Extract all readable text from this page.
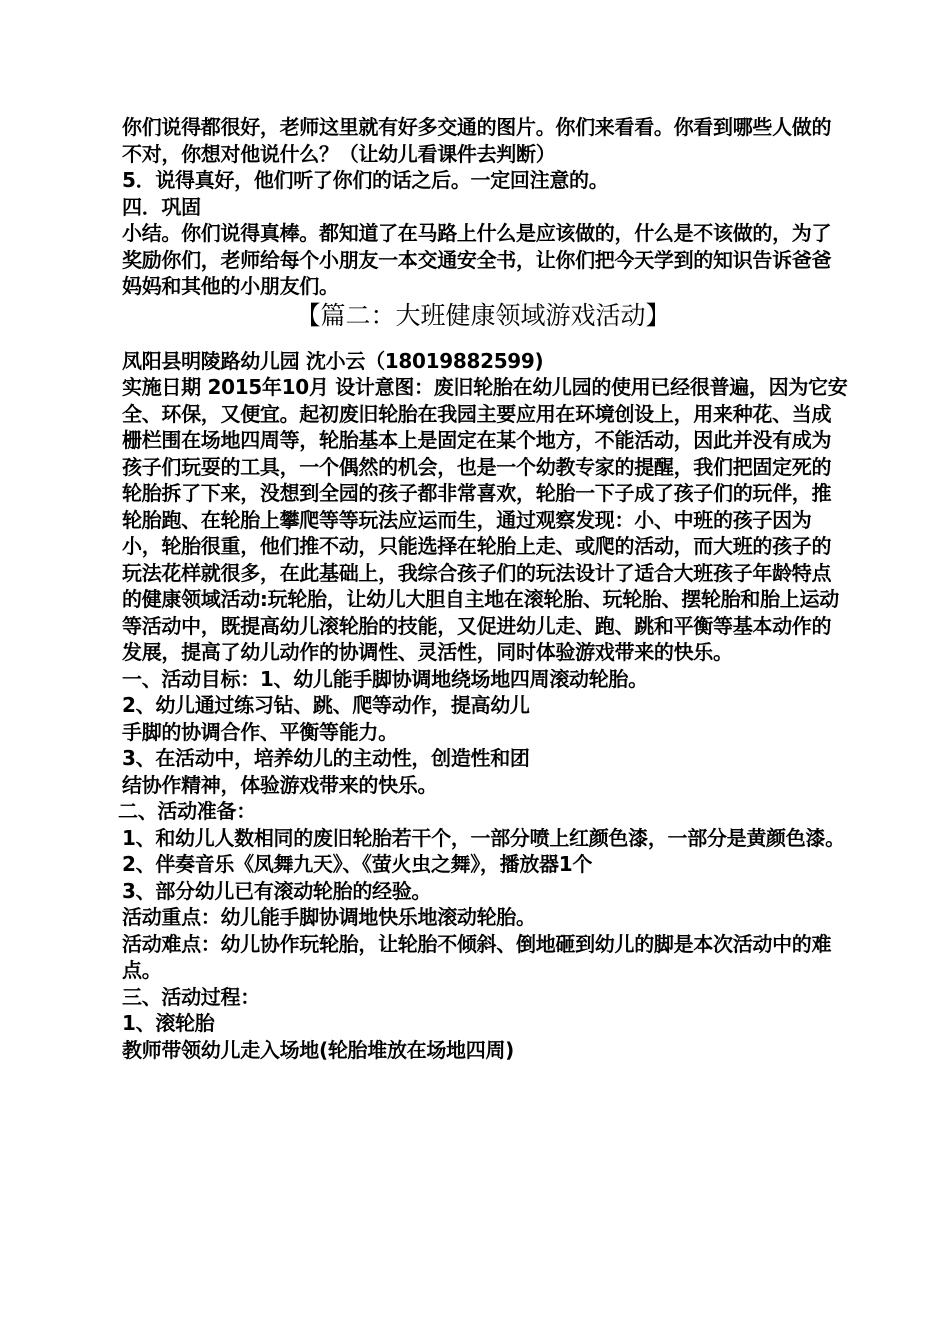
你们说得都很好，老师这里就有好多交通的图片。你们来看看。你看到哪些人做的不对，你想对他说什么？（让幼儿看课件去判断）

5．说得真好，他们听了你们的话之后。一定回注意的。

四．巩固

小结。你们说得真棒。都知道了在马路上什么是应该做的，什么是不该做的，为了奖励你们，老师给每个小朋友一本交通安全书，让你们把今天学到的知识告诉爸爸妈妈和其他的小朋友们。

【篇二：大班健康领域游戏活动】

凤阳县明陵路幼儿园 沈小云（18019882599)

实施日期 2015年10月 设计意图：废旧轮胎在幼儿园的使用已经很普遍，因为它安全、环保，又便宜。起初废旧轮胎在我园主要应用在环境创设上，用来种花、当成栅栏围在场地四周等，轮胎基本上是固定在某个地方，不能活动，因此并没有成为孩子们玩耍的工具，一个偶然的机会，也是一个幼教专家的提醒，我们把固定死的轮胎拆了下来，没想到全园的孩子都非常喜欢，轮胎一下子成了孩子们的玩伴，推轮胎跑、在轮胎上攀爬等等玩法应运而生，通过观察发现：小、中班的孩子因为小，轮胎很重，他们推不动，只能选择在轮胎上走、或爬的活动，而大班的孩子的玩法花样就很多，在此基础上，我综合孩子们的玩法设计了适合大班孩子年龄特点的健康领域活动:玩轮胎，让幼儿大胆自主地在滚轮胎、玩轮胎、摆轮胎和胎上运动等活动中，既提高幼儿滚轮胎的技能，又促进幼儿走、跑、跳和平衡等基本动作的发展，提高了幼儿动作的协调性、灵活性，同时体验游戏带来的快乐。

一、活动目标：1、幼儿能手脚协调地绕场地四周滚动轮胎。

2、幼儿通过练习钻、跳、爬等动作，提高幼儿

手脚的协调合作、平衡等能力。

3、在活动中，培养幼儿的主动性，创造性和团

结协作精神，体验游戏带来的快乐。

二、活动准备：

1、和幼儿人数相同的废旧轮胎若干个，一部分喷上红颜色漆，一部分是黄颜色漆。

2、伴奏音乐《凤舞九天》、《萤火虫之舞》，播放器1个

3、部分幼儿已有滚动轮胎的经验。

活动重点：幼儿能手脚协调地快乐地滚动轮胎。

活动难点：幼儿协作玩轮胎，让轮胎不倾斜、倒地砸到幼儿的脚是本次活动中的难点。

三、活动过程：

1、滚轮胎

教师带领幼儿走入场地(轮胎堆放在场地四周)
